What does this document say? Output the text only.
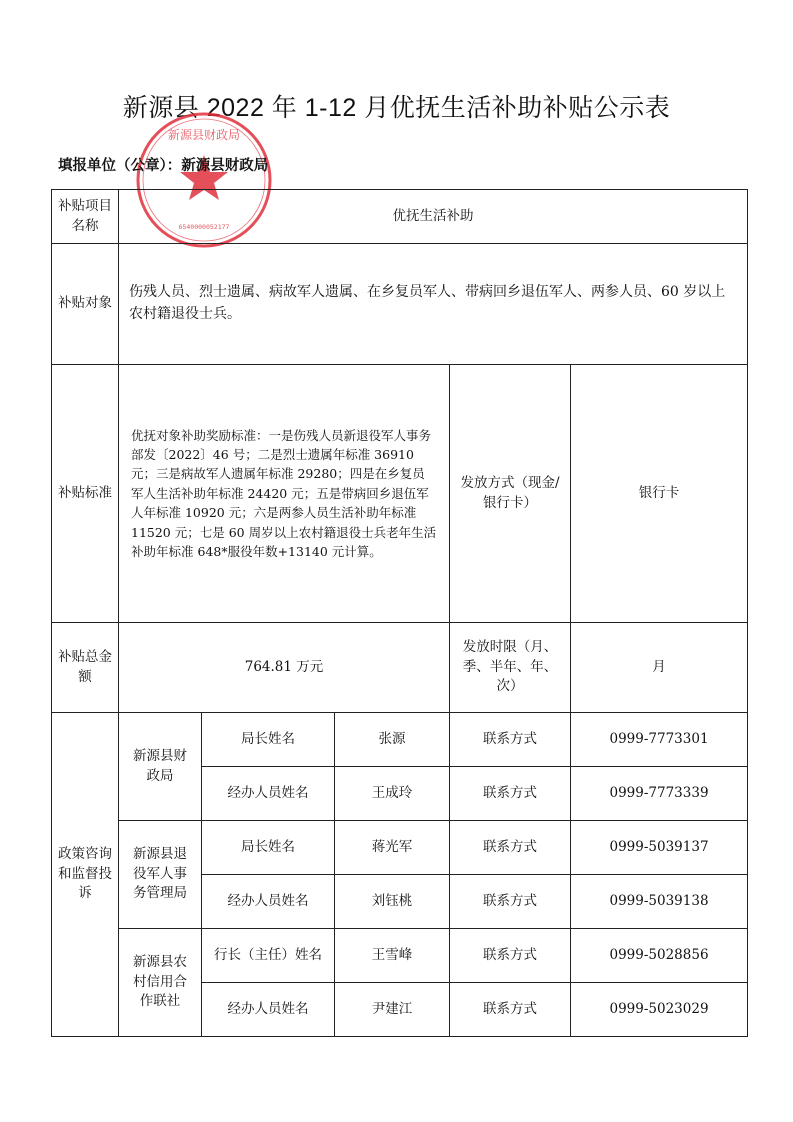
新源县 2022 年 1-12 月优抚生活补助补贴公示表
新源县财政局
6540000052177
填报单位（公章）：新源县财政局
补贴项目名称	优抚生活补助				
补贴对象	伤残人员、烈士遗属、病故军人遗属、在乡复员军人、带病回乡退伍军人、两参人员、60 岁以上农村籍退役士兵。				
补贴标准	优抚对象补助奖励标准：一是伤残人员新退役军人事务部发〔2022〕46 号；二是烈士遗属年标准 36910 元；三是病故军人遗属年标准 29280；四是在乡复员军人生活补助年标准 24420 元；五是带病回乡退伍军人年标准 10920 元；六是两参人员生活补助年标准 11520 元；七是 60 周岁以上农村籍退役士兵老年生活补助年标准 648*服役年数+13140 元计算。			发放方式（现金/银行卡）	银行卡
补贴总金额	764.81 万元			发放时限（月、季、半年、年、次）	月
政策咨询和监督投诉	新源县财政局	局长姓名	张源	联系方式	0999-7773301
		经办人员姓名	王成玲	联系方式	0999-7773339
	新源县退役军人事务管理局	局长姓名	蒋光军	联系方式	0999-5039137
		经办人员姓名	刘钰桃	联系方式	0999-5039138
	新源县农村信用合作联社	行长（主任）姓名	王雪峰	联系方式	0999-5028856
		经办人员姓名	尹建江	联系方式	0999-5023029
